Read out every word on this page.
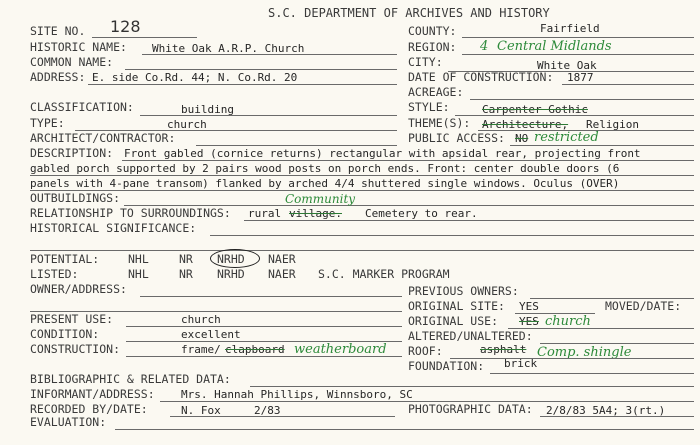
S.C. DEPARTMENT OF ARCHIVES AND HISTORY
SITE NO. 128	COUNTY:	Fairfield
HISTORIC NAME: White Oak A.R.P. Church	REGION: 4 Central Midlands
COMMON NAME:	CITY:	White Oak
ADDRESS: E. side Co.Rd. 44; N. Co.Rd. 20	DATE OF CONSTRUCTION: 1877
ACREAGE:
CLASSIFICATION:	building	STYLE:	Carpenter Gothic
TYPE:	church	THEME(S): Architecture, Religion
ARCHITECT/CONTRACTOR:	PUBLIC ACCESS: NO restricted
DESCRIPTION: Front gabled (cornice returns) rectangular with apsidal rear, projecting front
gabled porch supported by 2 pairs wood posts on porch ends. Front: center double doors (6
panels with 4-pane transom) flanked by arched 4/4 shuttered single windows. Oculus (OVER)
OUTBUILDINGS:	Community
RELATIONSHIP TO SURROUNDINGS: rural village. Cemetery to rear.
HISTORICAL SIGNIFICANCE:
POTENTIAL:	NHL	NR NRHD NAER
LISTED:	NHL	NR NRHD NAER S.C. MARKER PROGRAM
OWNER/ADDRESS:	PREVIOUS OWNERS:
ORIGINAL SITE: YES	MOVED/DATE:
PRESENT USE:	church	ORIGINAL USE: YES church
CONDITION:	excellent	ALTERED/UNALTERED:
CONSTRUCTION:	frame/ clapboard weatherboard ROOF:	asphalt Comp. shingle
FOUNDATION: brick
BIBLIOGRAPHIC & RELATED DATA:
INFORMANT/ADDRESS: Mrs. Hannah Phillips, Winnsboro, SC
RECORDED BY/DATE:	N. Fox	2/83	PHOTOGRAPHIC DATA: 2/8/83 5A4; 3(rt.)
EVALUATION:
